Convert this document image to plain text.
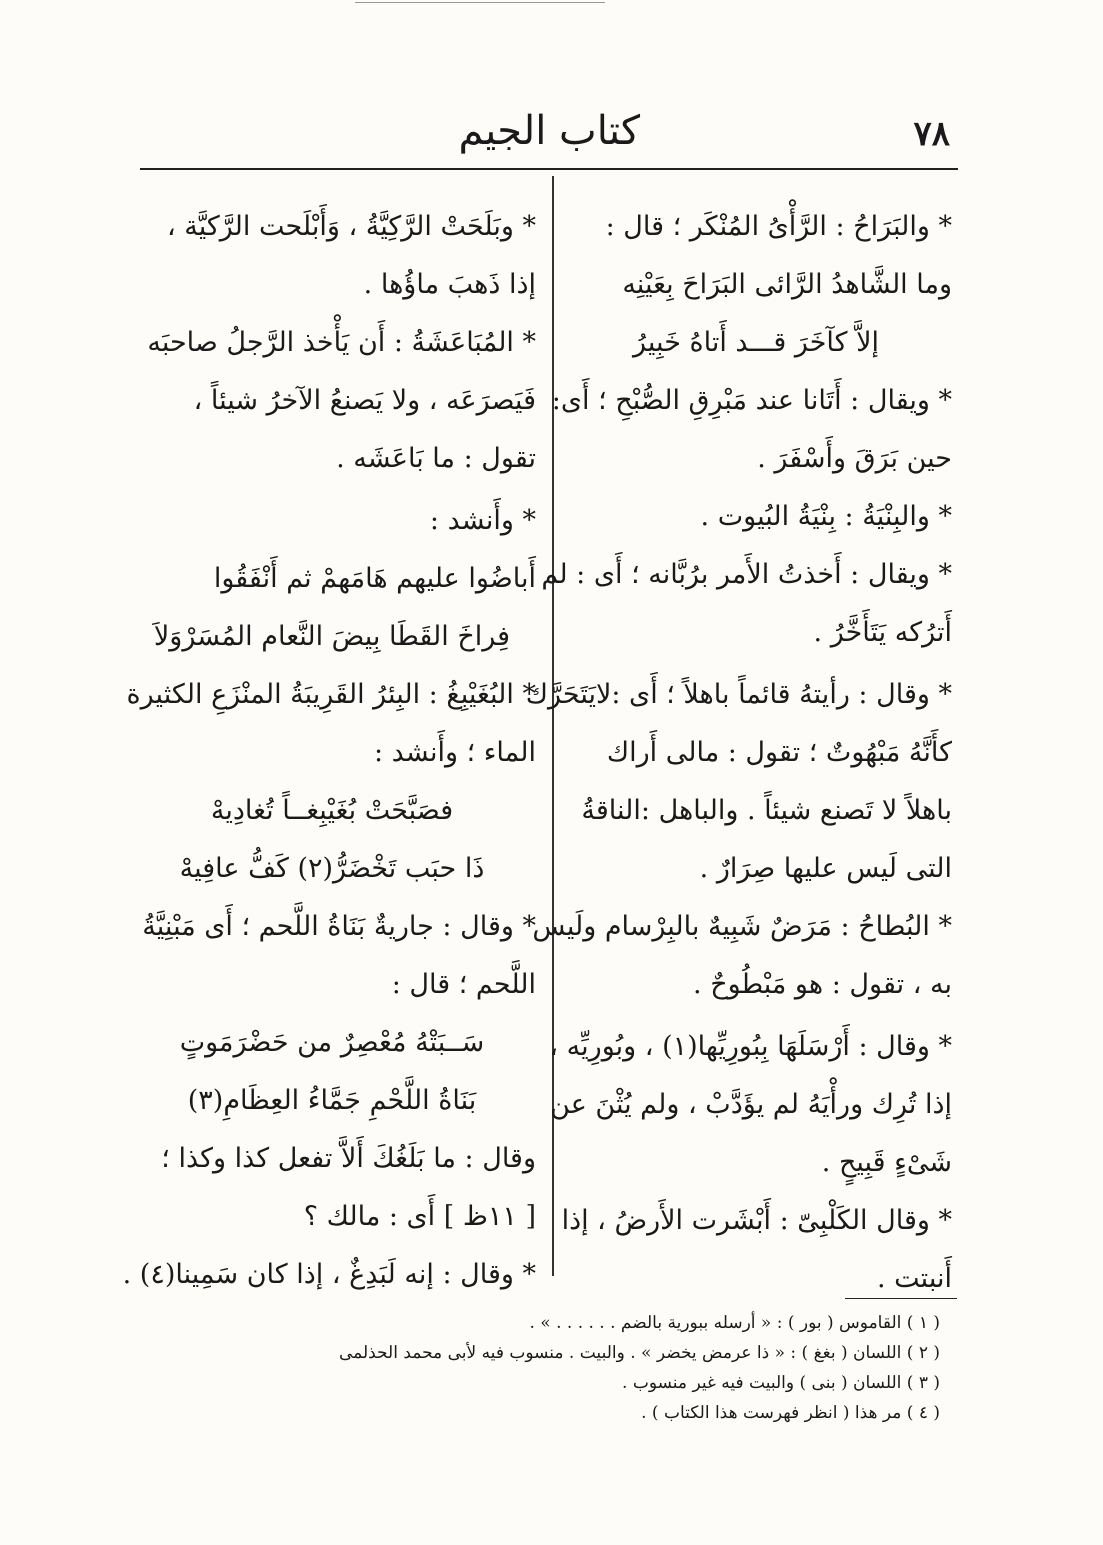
كتاب الجيم	٧٨
* والبَرَاحُ : الرَّأْىُ المُنْكَر ؛ قال :
وما الشَّاهدُ الرَّائى البَرَاحَ بِعَيْنِه
إلاَّ كآخَرَ قـــد أَتاهُ خَبِيرُ
* ويقال : أَتَانا عند مَبْرِقِ الصُّبْحِ ؛ أَى:
حين بَرَقَ وأَسْفَرَ .
* والبِنْيَةُ : بِنْيَةُ البُيوت .
* ويقال : أَخذتُ الأَمر برُبَّانه ؛ أَى : لم
أَترُكه يَتَأَخَّرُ .
* وقال : رأيتهُ قائماً باهلاً ؛ أَى :لايَتَحَرَّك
كأَنَّهُ مَبْهُوتٌ ؛ تقول : مالى أَراك
باهلاً لا تَصنع شيئاً . والباهل :الناقةُ
التى لَيس عليها صِرَارٌ .
* البُطاحُ : مَرَضٌ شَبِيهٌ بالبِرْسام ولَيس
به ، تقول : هو مَبْطُوحٌ .
* وقال : أَرْسَلَهَا بِبُورِيِّها(١) ، وبُورِيِّه ،
إذا تُرِك ورأْيَهُ لم يؤَدَّبْ ، ولم يُثْنَ عن
شَىْءٍ قَبِيحٍ .
* وقال الكَلْبِىّ : أَبْشَرت الأَرضُ ، إذا
أَنبتت .
* وبَلَحَتْ الرَّكِيَّةُ ، وَأَبْلَحت الرَّكيَّة ،
إذا ذَهبَ ماؤُها .
* المُبَاعَشَةُ : أَن يَأْخذ الرَّجلُ صاحبَه
فَيَصرَعَه ، ولا يَصنعُ الآخرُ شيئاً ،
تقول : ما بَاعَشَه .
* وأَنشد :
أَباضُوا عليهم هَامَهمْ ثم أَنْفَقُوا
فِراخَ القَطَا بِيضَ النَّعام المُسَرْوَلاَ
* البُغَيْبِغُ : البِئرُ القَرِيبَةُ المنْزَعِ الكثيرة
الماء ؛ وأَنشد :
فصَبَّحَتْ بُغَيْبِغــاً تُغادِيهْ
ذَا حبَب تَخْضَرُّ(٢) كَفُّ عافِيهْ
* وقال : جاريةٌ بَنَاةُ اللَّحم ؛ أَى مَبْنِيَّةُ
اللَّحم ؛ قال :
سَــبَتْهُ مُعْصِرٌ من حَضْرَمَوتٍ
بَنَاةُ اللَّحْمِ جَمَّاءُ العِظَامِ(٣)
وقال : ما بَلَغُكَ أَلاَّ تفعل كذا وكذا ؛
[ ١١ظ ] أَى : مالك ؟
* وقال : إنه لَبَدِغٌ ، إذا كان سَمِينا(٤) .
( ١ ) القاموس ( بور ) : « أرسله ببورية بالضم . . . . . . » .
( ٢ ) اللسان ( بغغ ) : « ذا عرمض يخضر » . والبيت . منسوب فيه لأبى محمد الحذلمى
( ٣ ) اللسان ( بنى ) والبيت فيه غير منسوب .
( ٤ ) مر هذا ( انظر فهرست هذا الكتاب ) .
